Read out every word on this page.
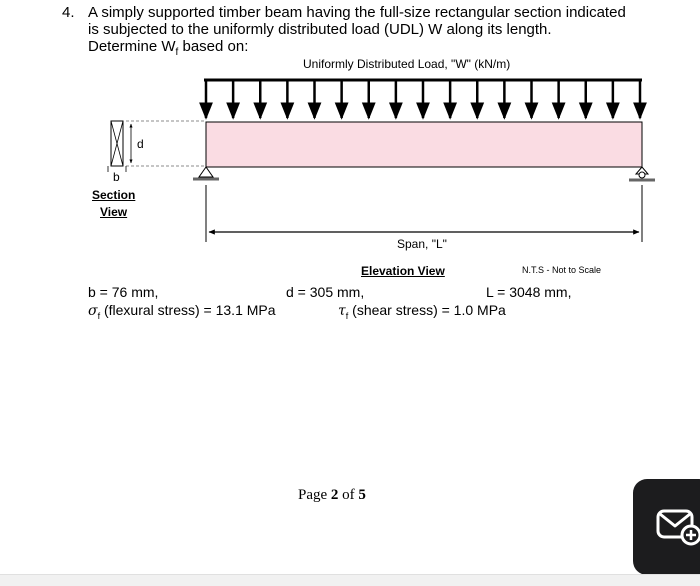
4. A simply supported timber beam having the full-size rectangular section indicated
is subjected to the uniformly distributed load (UDL) W along its length.
Determine $W_f$ based on:
Uniformly Distributed Load, "W" (kN/m)
d
b
Section
View
Span, "L"
Elevation View	N.T.S - Not to Scale
b = 76 mm,	d = 305 mm,	L = 3048 mm,
$\sigma_f$ (flexural stress) = 13.1 MPa	$\tau_f$ (shear stress) = 1.0 MPa
Page 2 of 5
